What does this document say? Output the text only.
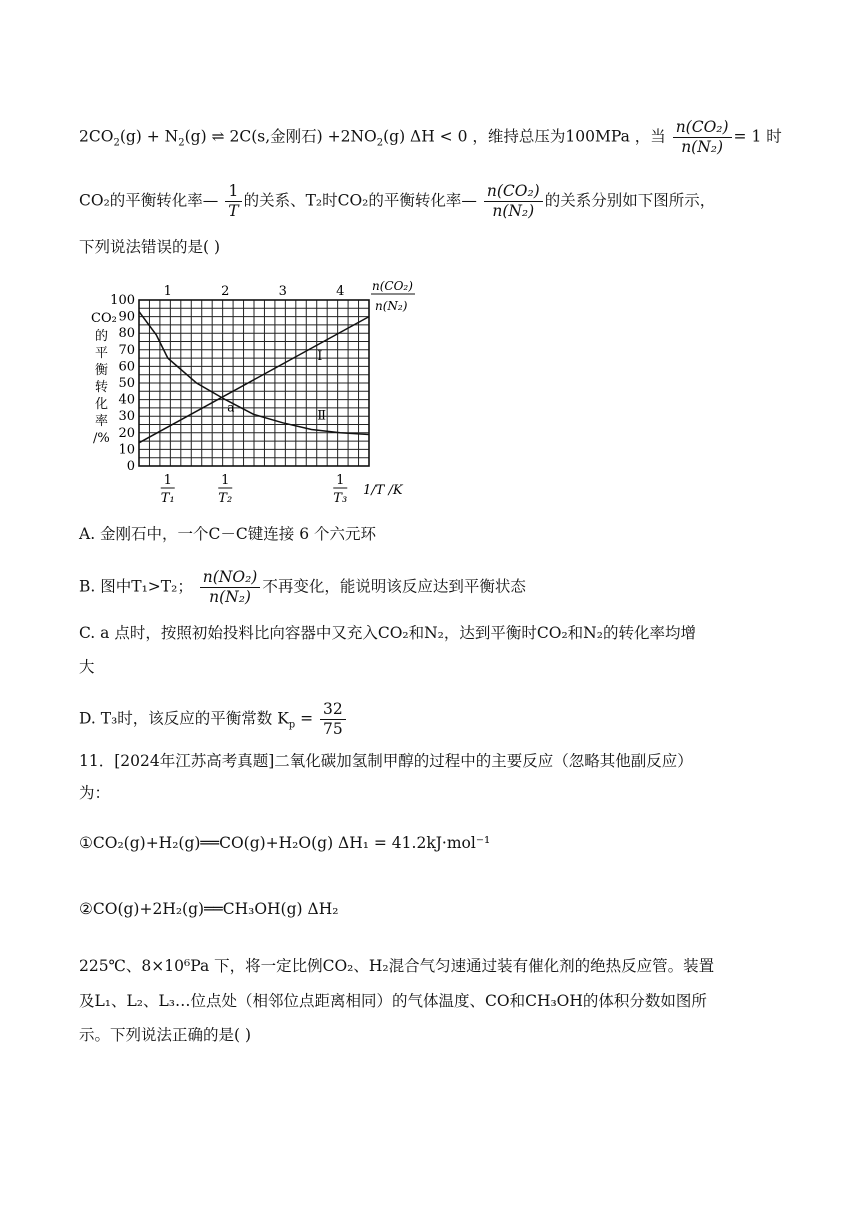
$2CO_2(g) + N_2(g)$ ⇌ 2C(s,金刚石) $+2NO_2(g) \Delta H < 0$ ，维持总压为100MPa ，当 $\frac{\text{n(CO₂)}}{\text{n(N₂)}} = 1$ 时
CO₂的平衡转化率— $\frac{1}{T}$ 的关系、T₂时CO₂的平衡转化率— $\frac{\text{n(CO₂)}}{\text{n(N₂)}}$ 的关系分别如下图所示，
下列说法错误的是( )
CO₂
的
平
衡
转
化
率
/%
100
90
80
70
60
50
40
30
20
10
0
1	2	3	4 n(CO₂)
n(N₂)
1
T₁
1
T₂
1
T₃
1/T /K
Ⅰ
Ⅱ
a
A. 金刚石中，一个C－C键连接 6 个六元环
B. 图中T₁>T₂； $\frac{\text{n(NO₂)}}{\text{n(N₂)}}$ 不再变化，能说明该反应达到平衡状态
C. a 点时，按照初始投料比向容器中又充入CO₂和N₂，达到平衡时CO₂和N₂的转化率均增
大
D. T₃时，该反应的平衡常数 $K_p = \frac{32}{75}$
11．[2024年江苏高考真题]二氧化碳加氢制甲醇的过程中的主要反应（忽略其他副反应）
为：
①CO₂(g)+H₂(g)══CO(g)+H₂O(g) ΔH₁ = 41.2kJ·mol⁻¹
②CO(g)+2H₂(g)══CH₃OH(g) ΔH₂
225℃、8×10⁶Pa 下，将一定比例CO₂、H₂混合气匀速通过装有催化剂的绝热反应管。装置
及L₁、L₂、L₃…位点处（相邻位点距离相同）的气体温度、CO和CH₃OH的体积分数如图所
示。下列说法正确的是( )
